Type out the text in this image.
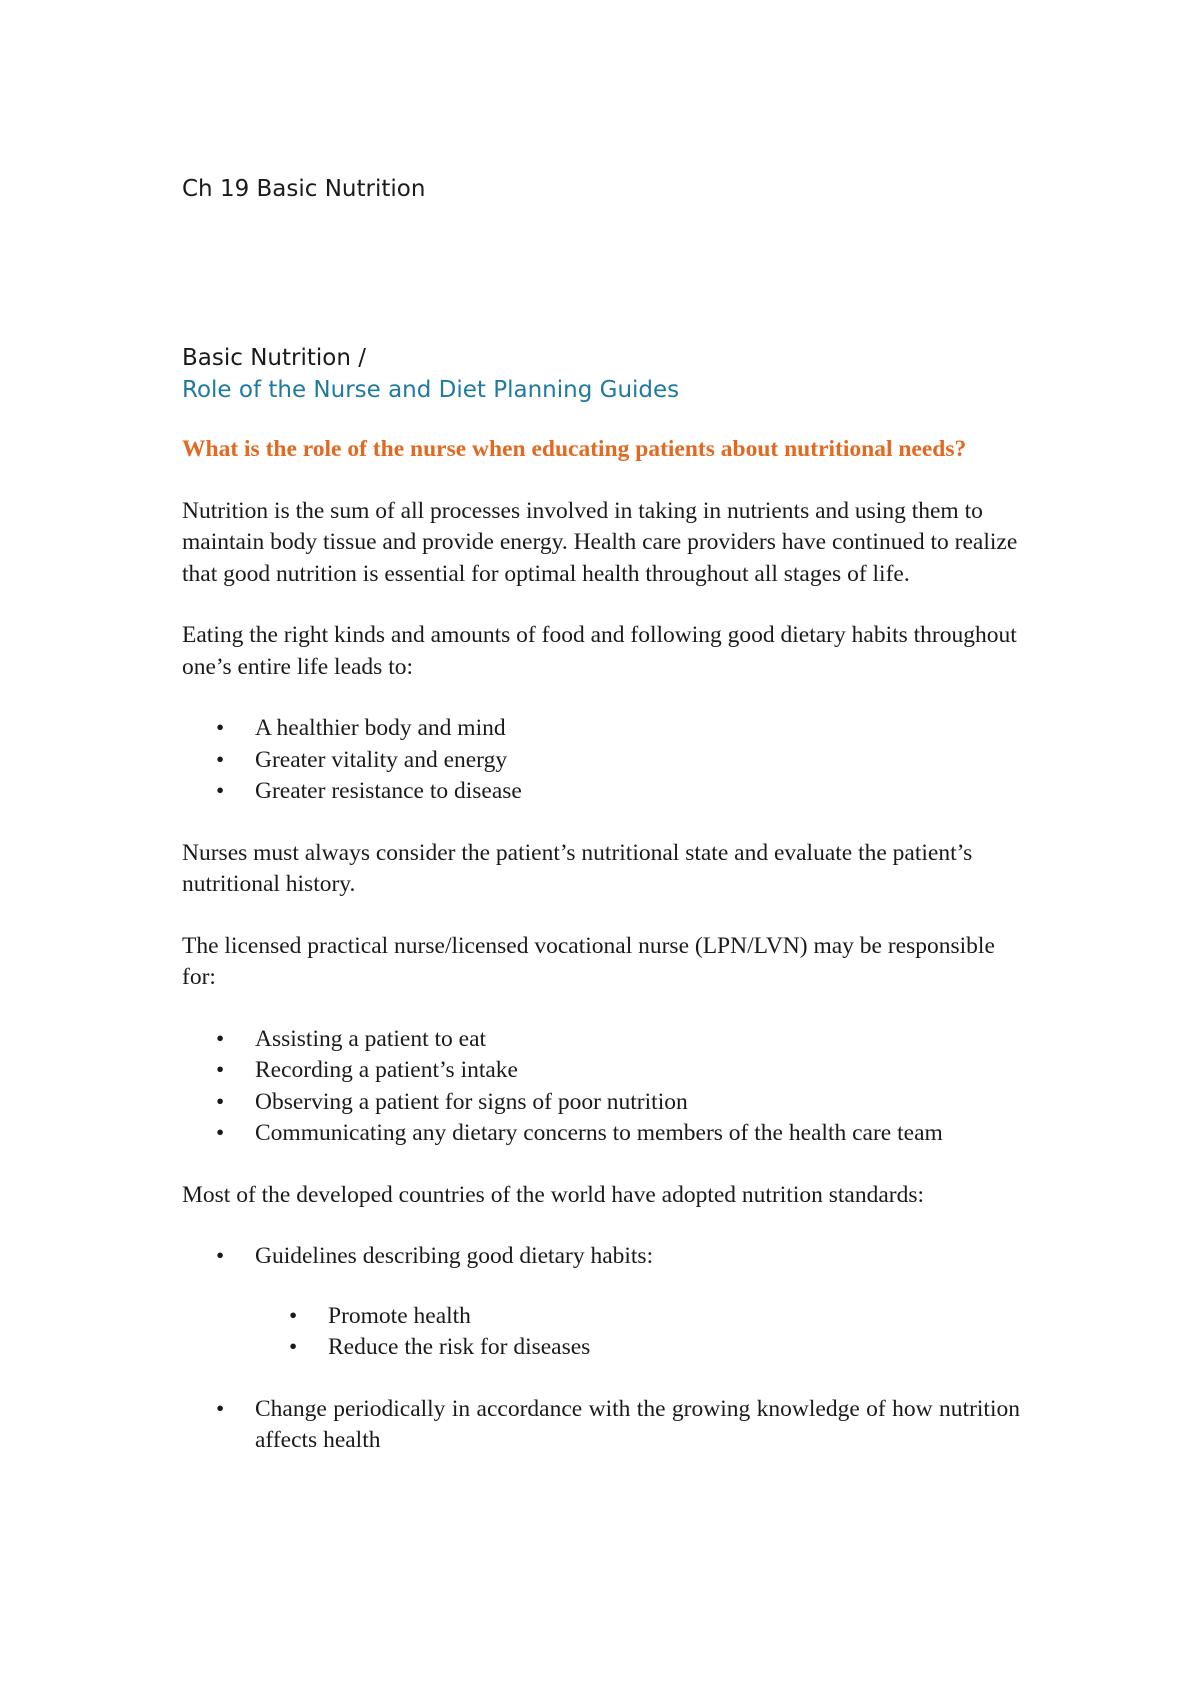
Ch 19 Basic Nutrition
Basic Nutrition /
Role of the Nurse and Diet Planning Guides

What is the role of the nurse when educating patients about nutritional needs?

Nutrition is the sum of all processes involved in taking in nutrients and using them to maintain body tissue and provide energy. Health care providers have continued to realize that good nutrition is essential for optimal health throughout all stages of life.

Eating the right kinds and amounts of food and following good dietary habits throughout one’s entire life leads to:

• A healthier body and mind
• Greater vitality and energy
• Greater resistance to disease

Nurses must always consider the patient’s nutritional state and evaluate the patient’s nutritional history.

The licensed practical nurse/licensed vocational nurse (LPN/LVN) may be responsible for:

• Assisting a patient to eat
• Recording a patient’s intake
• Observing a patient for signs of poor nutrition
• Communicating any dietary concerns to members of the health care team

Most of the developed countries of the world have adopted nutrition standards:

• Guidelines describing good dietary habits:
• Promote health
• Reduce the risk for diseases
• Change periodically in accordance with the growing knowledge of how nutrition affects health
